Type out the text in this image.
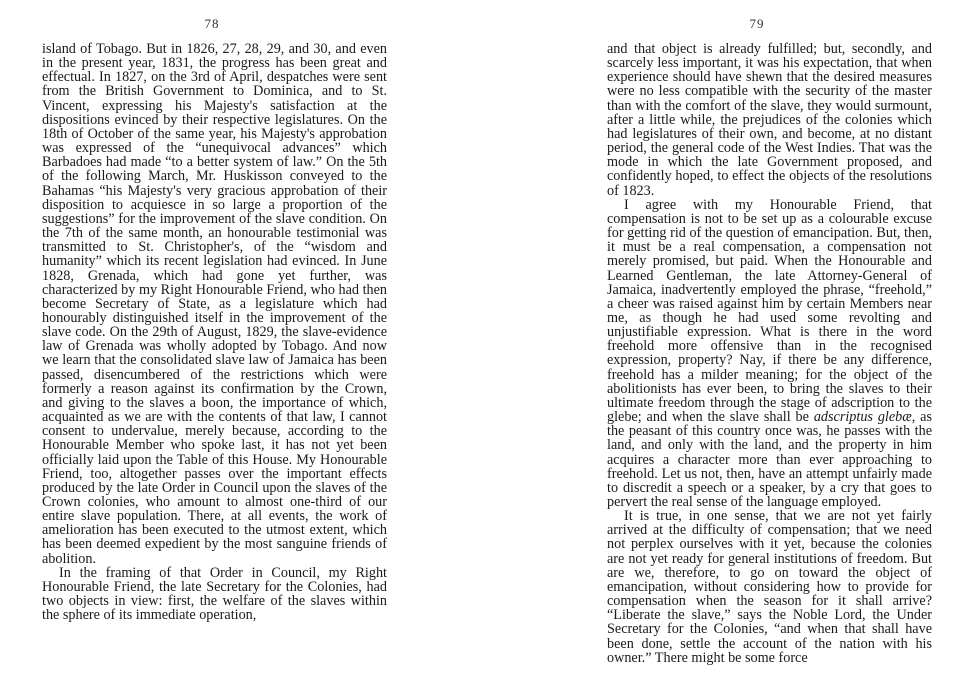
78

island of Tobago. But in 1826, 27, 28, 29, and 30, and even in the present year, 1831, the progress has been great and effectual. In 1827, on the 3rd of April, despatches were sent from the British Government to Dominica, and to St. Vincent, expressing his Majesty's satisfaction at the dispositions evinced by their respective legislatures. On the 18th of October of the same year, his Majesty's approbation was expressed of the “unequivocal advances” which Barbadoes had made “to a better system of law.” On the 5th of the following March, Mr. Huskisson conveyed to the Bahamas “his Majesty's very gracious approbation of their disposition to acquiesce in so large a proportion of the suggestions” for the improvement of the slave condition. On the 7th of the same month, an honourable testimonial was transmitted to St. Christopher's, of the “wisdom and humanity” which its recent legislation had evinced. In June 1828, Grenada, which had gone yet further, was characterized by my Right Honourable Friend, who had then become Secretary of State, as a legislature which had honourably distinguished itself in the improvement of the slave code. On the 29th of August, 1829, the slave-evidence law of Grenada was wholly adopted by Tobago. And now we learn that the consolidated slave law of Jamaica has been passed, disencumbered of the restrictions which were formerly a reason against its confirmation by the Crown, and giving to the slaves a boon, the importance of which, acquainted as we are with the contents of that law, I cannot consent to undervalue, merely because, according to the Honourable Member who spoke last, it has not yet been officially laid upon the Table of this House. My Honourable Friend, too, altogether passes over the important effects produced by the late Order in Council upon the slaves of the Crown colonies, who amount to almost one-third of our entire slave population. There, at all events, the work of amelioration has been executed to the utmost extent, which has been deemed expedient by the most sanguine friends of abolition.

In the framing of that Order in Council, my Right Honourable Friend, the late Secretary for the Colonies, had two objects in view: first, the welfare of the slaves within the sphere of its immediate operation,

79

and that object is already fulfilled; but, secondly, and scarcely less important, it was his expectation, that when experience should have shewn that the desired measures were no less compatible with the security of the master than with the comfort of the slave, they would surmount, after a little while, the prejudices of the colonies which had legislatures of their own, and become, at no distant period, the general code of the West Indies. That was the mode in which the late Government proposed, and confidently hoped, to effect the objects of the resolutions of 1823.

I agree with my Honourable Friend, that compensation is not to be set up as a colourable excuse for getting rid of the question of emancipation. But, then, it must be a real compensation, a compensation not merely promised, but paid. When the Honourable and Learned Gentleman, the late Attorney-General of Jamaica, inadvertently employed the phrase, “freehold,” a cheer was raised against him by certain Members near me, as though he had used some revolting and unjustifiable expression. What is there in the word freehold more offensive than in the recognised expression, property? Nay, if there be any difference, freehold has a milder meaning; for the object of the abolitionists has ever been, to bring the slaves to their ultimate freedom through the stage of adscription to the glebe; and when the slave shall be adscriptus glebæ, as the peasant of this country once was, he passes with the land, and only with the land, and the property in him acquires a character more than ever approaching to freehold. Let us not, then, have an attempt unfairly made to discredit a speech or a speaker, by a cry that goes to pervert the real sense of the language employed.

It is true, in one sense, that we are not yet fairly arrived at the difficulty of compensation; that we need not perplex ourselves with it yet, because the colonies are not yet ready for general institutions of freedom. But are we, therefore, to go on toward the object of emancipation, without considering how to provide for compensation when the season for it shall arrive? “Liberate the slave,” says the Noble Lord, the Under Secretary for the Colonies, “and when that shall have been done, settle the account of the nation with his owner.” There might be some force
